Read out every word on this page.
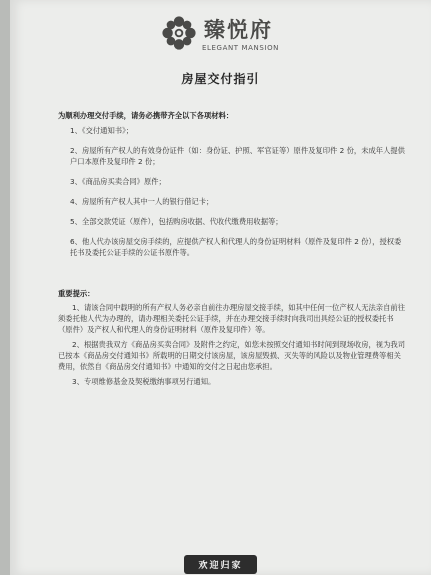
臻悦府
ELEGANT MANSION
房屋交付指引
为顺利办理交付手续，请务必携带齐全以下各项材料：
1、《交付通知书》；
2、房屋所有产权人的有效身份证件（如：身份证、护照、军官证等）原件及复印件 2 份，未成年人提供户口本原件及复印件 2 份；
3、《商品房买卖合同》原件；
4、房屋所有产权人其中一人的银行借记卡；
5、全部交款凭证（原件），包括购房收据、代收代缴费用收据等；
6、他人代办该房屋交房手续的，应提供产权人和代理人的身份证明材料（原件及复印件 2 份），授权委托书及委托公证手续的公证书原件等。
重要提示：
1、请该合同中载明的所有产权人务必亲自前往办理房屋交接手续，如其中任何一位产权人无法亲自前往须委托他人代为办理的，请办理相关委托公证手续，并在办理交接手续时向我司出具经公证的授权委托书（原件）及产权人和代理人的身份证明材料（原件及复印件）等。
2、根据贵我双方《商品房买卖合同》及附件之约定，如您未按照交付通知书时间到现场收房，视为我司已按本《商品房交付通知书》所载明的日期交付该房屋，该房屋毁损、灭失等的风险以及物业管理费等相关费用，依然自《商品房交付通知书》中通知的交付之日起由您承担。
3、专项维修基金及契税缴纳事项另行通知。
欢迎归家
